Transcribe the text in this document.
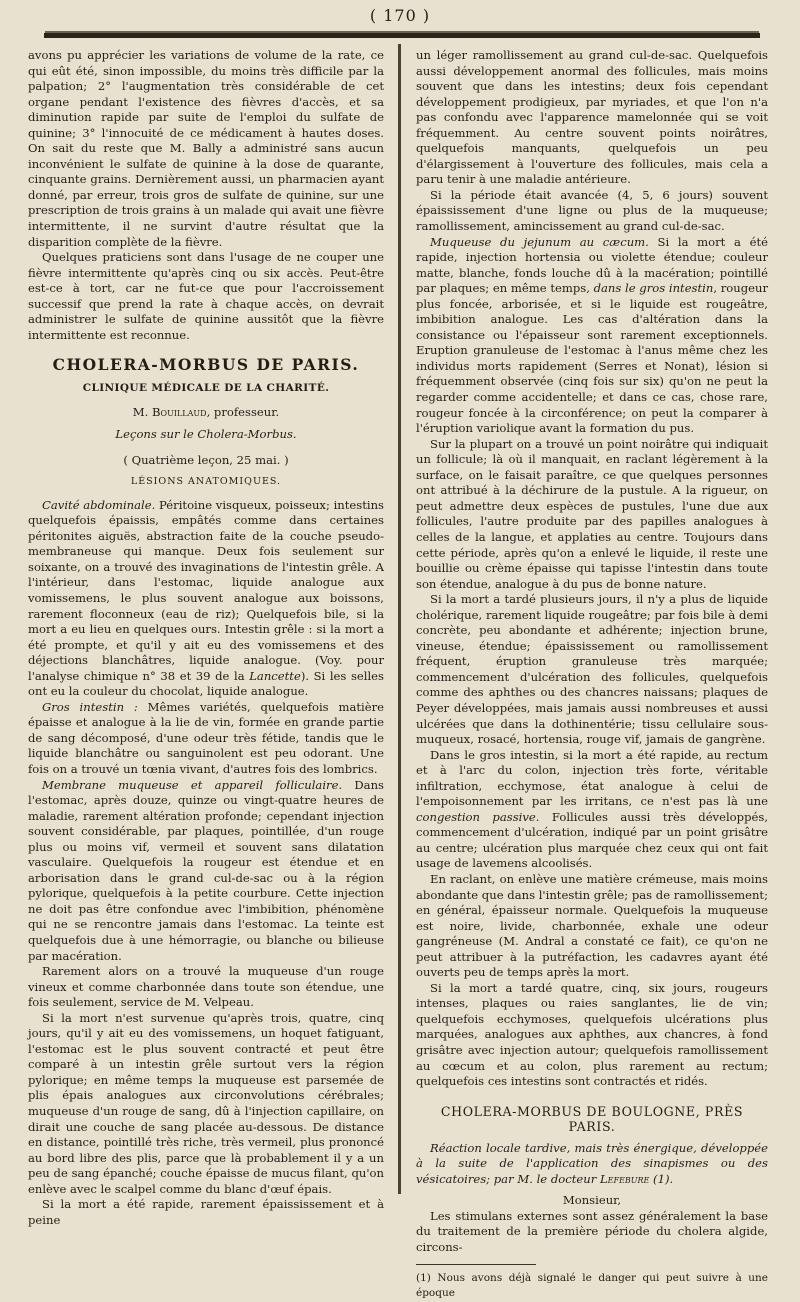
( 170 )

avons pu apprécier les variations de volume de la rate, ce qui eût été, sinon impossible, du moins très difficile par la palpation; 2° l'augmentation très considérable de cet organe pendant l'existence des fièvres d'accès, et sa diminution rapide par suite de l'emploi du sulfate de quinine; 3° l'innocuité de ce médicament à hautes doses. On sait du reste que M. Bally a administré sans aucun inconvénient le sulfate de quinine à la dose de quarante, cinquante grains. Dernièrement aussi, un pharmacien ayant donné, par erreur, trois gros de sulfate de quinine, sur une prescription de trois grains à un malade qui avait une fièvre intermittente, il ne survint d'autre résultat que la disparition complète de la fièvre.

Quelques praticiens sont dans l'usage de ne couper une fièvre intermittente qu'après cinq ou six accès. Peut-être est-ce à tort, car ne fut-ce que pour l'accroissement successif que prend la rate à chaque accès, on devrait administrer le sulfate de quinine aussitôt que la fièvre intermittente est reconnue.

CHOLERA-MORBUS DE PARIS.
CLINIQUE MÉDICALE DE LA CHARITÉ.

M. Bouillaud, professeur.

Leçons sur le Cholera-Morbus.

( Quatrième leçon, 25 mai. )

LÉSIONS ANATOMIQUES.

Cavité abdominale. Péritoine visqueux, poisseux; intestins quelquefois épaissis, empâtés comme dans certaines péritonites aiguës, abstraction faite de la couche pseudo-membraneuse qui manque. Deux fois seulement sur soixante, on a trouvé des invaginations de l'intestin grêle. A l'intérieur, dans l'estomac, liquide analogue aux vomissemens, le plus souvent analogue aux boissons, rarement floconneux (eau de riz); Quelquefois bile, si la mort a eu lieu en quelques ours. Intestin grêle : si la mort a été prompte, et qu'il y ait eu des vomissemens et des déjections blanchâtres, liquide analogue. (Voy. pour l'analyse chimique n° 38 et 39 de la Lancette). Si les selles ont eu la couleur du chocolat, liquide analogue.

Gros intestin : Mêmes variétés, quelquefois matière épaisse et analogue à la lie de vin, formée en grande partie de sang décomposé, d'une odeur très fétide, tandis que le liquide blanchâtre ou sanguinolent est peu odorant. Une fois on a trouvé un tœnia vivant, d'autres fois des lombrics.

Membrane muqueuse et appareil folliculaire. Dans l'estomac, après douze, quinze ou vingt-quatre heures de maladie, rarement altération profonde; cependant injection souvent considérable, par plaques, pointillée, d'un rouge plus ou moins vif, vermeil et souvent sans dilatation vasculaire. Quelquefois la rougeur est étendue et en arborisation dans le grand cul-de-sac ou à la région pylorique, quelquefois à la petite courbure. Cette injection ne doit pas être confondue avec l'imbibition, phénomène qui ne se rencontre jamais dans l'estomac. La teinte est quelquefois due à une hémorragie, ou blanche ou bilieuse par macération.

Rarement alors on a trouvé la muqueuse d'un rouge vineux et comme charbonnée dans toute son étendue, une fois seulement, service de M. Velpeau.

Si la mort n'est survenue qu'après trois, quatre, cinq jours, qu'il y ait eu des vomissemens, un hoquet fatiguant, l'estomac est le plus souvent contracté et peut être comparé à un intestin grêle surtout vers la région pylorique; en même temps la muqueuse est parsemée de plis épais analogues aux circonvolutions cérébrales; muqueuse d'un rouge de sang, dû à l'injection capillaire, on dirait une couche de sang placée au-dessous. De distance en distance, pointillé très riche, très vermeil, plus prononcé au bord libre des plis, parce que là probablement il y a un peu de sang épanché; couche épaisse de mucus filant, qu'on enlève avec le scalpel comme du blanc d'œuf épais.

Si la mort a été rapide, rarement épaississement et à peine

un léger ramollissement au grand cul-de-sac. Quelquefois aussi développement anormal des follicules, mais moins souvent que dans les intestins; deux fois cependant développement prodigieux, par myriades, et que l'on n'a pas confondu avec l'apparence mamelonnée qui se voit fréquemment. Au centre souvent points noirâtres, quelquefois manquants, quelquefois un peu d'élargissement à l'ouverture des follicules, mais cela a paru tenir à une maladie antérieure.

Si la période était avancée (4, 5, 6 jours) souvent épaississement d'une ligne ou plus de la muqueuse; ramollissement, amincissement au grand cul-de-sac.

Muqueuse du jejunum au cæcum. Si la mort a été rapide, injection hortensia ou violette étendue; couleur matte, blanche, fonds louche dû à la macération; pointillé par plaques; en même temps, dans le gros intestin, rougeur plus foncée, arborisée, et si le liquide est rougeâtre, imbibition analogue. Les cas d'altération dans la consistance ou l'épaisseur sont rarement exceptionnels. Eruption granuleuse de l'estomac à l'anus même chez les individus morts rapidement (Serres et Nonat), lésion si fréquemment observée (cinq fois sur six) qu'on ne peut la regarder comme accidentelle; et dans ce cas, chose rare, rougeur foncée à la circonférence; on peut la comparer à l'éruption variolique avant la formation du pus.

Sur la plupart on a trouvé un point noirâtre qui indiquait un follicule; là où il manquait, en raclant légèrement à la surface, on le faisait paraître, ce que quelques personnes ont attribué à la déchirure de la pustule. A la rigueur, on peut admettre deux espèces de pustules, l'une due aux follicules, l'autre produite par des papilles analogues à celles de la langue, et applaties au centre. Toujours dans cette période, après qu'on a enlevé le liquide, il reste une bouillie ou crème épaisse qui tapisse l'intestin dans toute son étendue, analogue à du pus de bonne nature.

Si la mort a tardé plusieurs jours, il n'y a plus de liquide cholérique, rarement liquide rougeâtre; par fois bile à demi concrète, peu abondante et adhérente; injection brune, vineuse, étendue; épaississement ou ramollissement fréquent, éruption granuleuse très marquée; commencement d'ulcération des follicules, quelquefois comme des aphthes ou des chancres naissans; plaques de Peyer développées, mais jamais aussi nombreuses et aussi ulcérées que dans la dothinentérie; tissu cellulaire sous-muqueux, rosacé, hortensia, rouge vif, jamais de gangrène.

Dans le gros intestin, si la mort a été rapide, au rectum et à l'arc du colon, injection très forte, véritable infiltration, ecchymose, état analogue à celui de l'empoisonnement par les irritans, ce n'est pas là une congestion passive. Follicules aussi très développés, commencement d'ulcération, indiqué par un point grisâtre au centre; ulcération plus marquée chez ceux qui ont fait usage de lavemens alcoolisés.

En raclant, on enlève une matière crémeuse, mais moins abondante que dans l'intestin grêle; pas de ramollissement; en général, épaisseur normale. Quelquefois la muqueuse est noire, livide, charbonnée, exhale une odeur gangréneuse (M. Andral a constaté ce fait), ce qu'on ne peut attribuer à la putréfaction, les cadavres ayant été ouverts peu de temps après la mort.

Si la mort a tardé quatre, cinq, six jours, rougeurs intenses, plaques ou raies sanglantes, lie de vin; quelquefois ecchymoses, quelquefois ulcérations plus marquées, analogues aux aphthes, aux chancres, à fond grisâtre avec injection autour; quelquefois ramollissement au cœcum et au colon, plus rarement au rectum; quelquefois ces intestins sont contractés et ridés.

CHOLERA-MORBUS DE BOULOGNE, PRÈS PARIS.

Réaction locale tardive, mais très énergique, développée à la suite de l'application des sinapismes ou des vésicatoires; par M. le docteur Lefebure (1).

Monsieur,

Les stimulans externes sont assez généralement la base du traitement de la première période du cholera algide, circons-

(1) Nous avons déjà signalé le danger qui peut suivre à une époque
